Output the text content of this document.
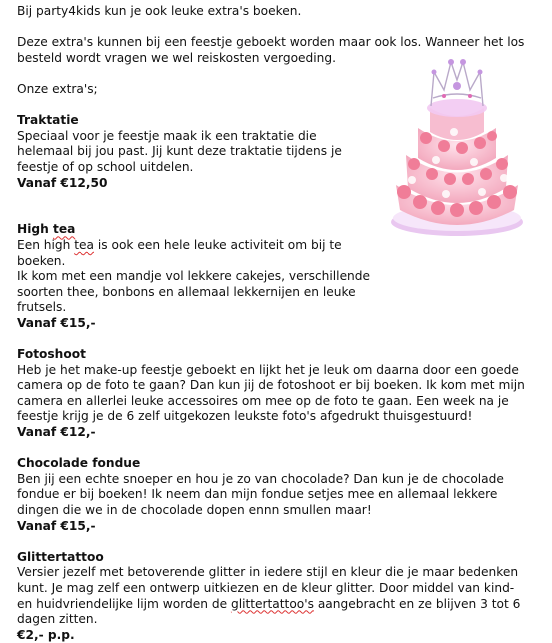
Bij party4kids kun je ook leuke extra's boeken.

Deze extra's kunnen bij een feestje geboekt worden maar ook los. Wanneer het los besteld wordt vragen we wel reiskosten vergoeding.

Onze extra's;

Traktatie

Speciaal voor je feestje maak ik een traktatie die helemaal bij jou past. Jij kunt deze traktatie tijdens je feestje of op school uitdelen.

Vanaf €12,50

High tea

Een high tea is ook een hele leuke activiteit om bij te boeken.

Ik kom met een mandje vol lekkere cakejes, verschillende soorten thee, bonbons en allemaal lekkernijen en leuke frutsels.

Vanaf €15,-

Fotoshoot

Heb je het make-up feestje geboekt en lijkt het je leuk om daarna door een goede camera op de foto te gaan? Dan kun jij de fotoshoot er bij boeken. Ik kom met mijn camera en allerlei leuke accessoires om mee op de foto te gaan. Een week na je feestje krijg je de 6 zelf uitgekozen leukste foto's afgedrukt thuisgestuurd!

Vanaf €12,-

Chocolade fondue

Ben jij een echte snoeper en hou je zo van chocolade? Dan kun je de chocolade fondue er bij boeken! Ik neem dan mijn fondue setjes mee en allemaal lekkere dingen die we in de chocolade dopen ennn smullen maar!

Vanaf €15,-

Glittertattoo

Versier jezelf met betoverende glitter in iedere stijl en kleur die je maar bedenken kunt. Je mag zelf een ontwerp uitkiezen en de kleur glitter. Door middel van kind- en huidvriendelijke lijm worden de glittertattoo's aangebracht en ze blijven 3 tot 6 dagen zitten.

€2,- p.p.
